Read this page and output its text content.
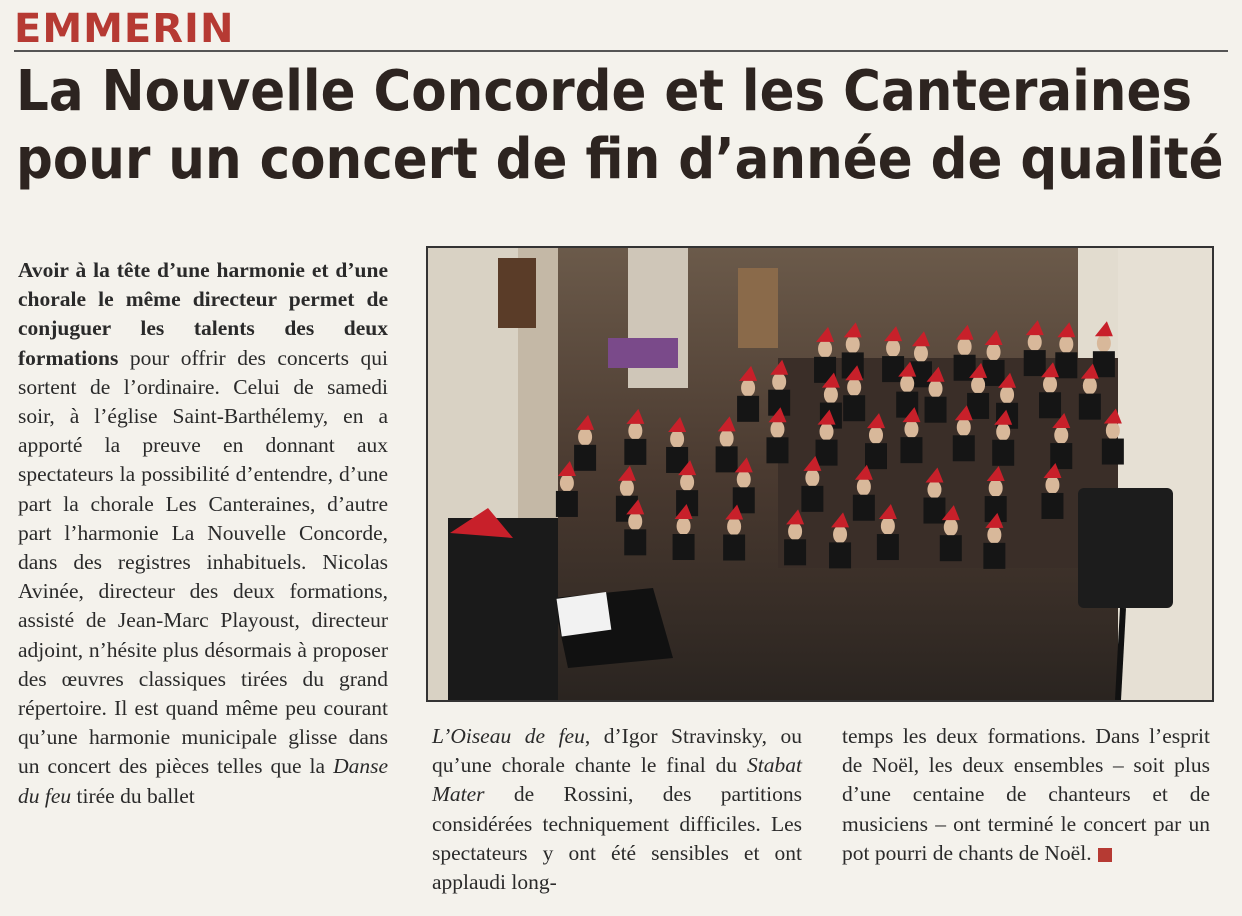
EMMERIN
La Nouvelle Concorde et les Canteraines
pour un concert de fin d’année de qualité
Avoir à la tête d’une harmonie et d’une chorale le même directeur permet de conjuguer les talents des deux formations pour offrir des concerts qui sortent de l’ordinaire. Celui de samedi soir, à l’église Saint-Barthélemy, en a apporté la preuve en donnant aux spectateurs la possibilité d’entendre, d’une part la chorale Les Canteraines, d’autre part l’harmonie La Nouvelle Concorde, dans des registres inhabituels. Nicolas Avinée, directeur des deux formations, assisté de Jean-Marc Playoust, directeur adjoint, n’hésite plus désormais à proposer des œuvres classiques tirées du grand répertoire. Il est quand même peu courant qu’une harmonie municipale glisse dans un concert des pièces telles que la Danse du feu tirée du ballet
L’Oiseau de feu, d’Igor Stravinsky, ou qu’une chorale chante le final du Stabat Mater de Rossini, des partitions considérées techniquement difficiles. Les spectateurs y ont été sensibles et ont applaudi long-
temps les deux formations. Dans l’esprit de Noël, les deux ensembles – soit plus d’une centaine de chanteurs et de musiciens – ont terminé le concert par un pot pourri de chants de Noël.
